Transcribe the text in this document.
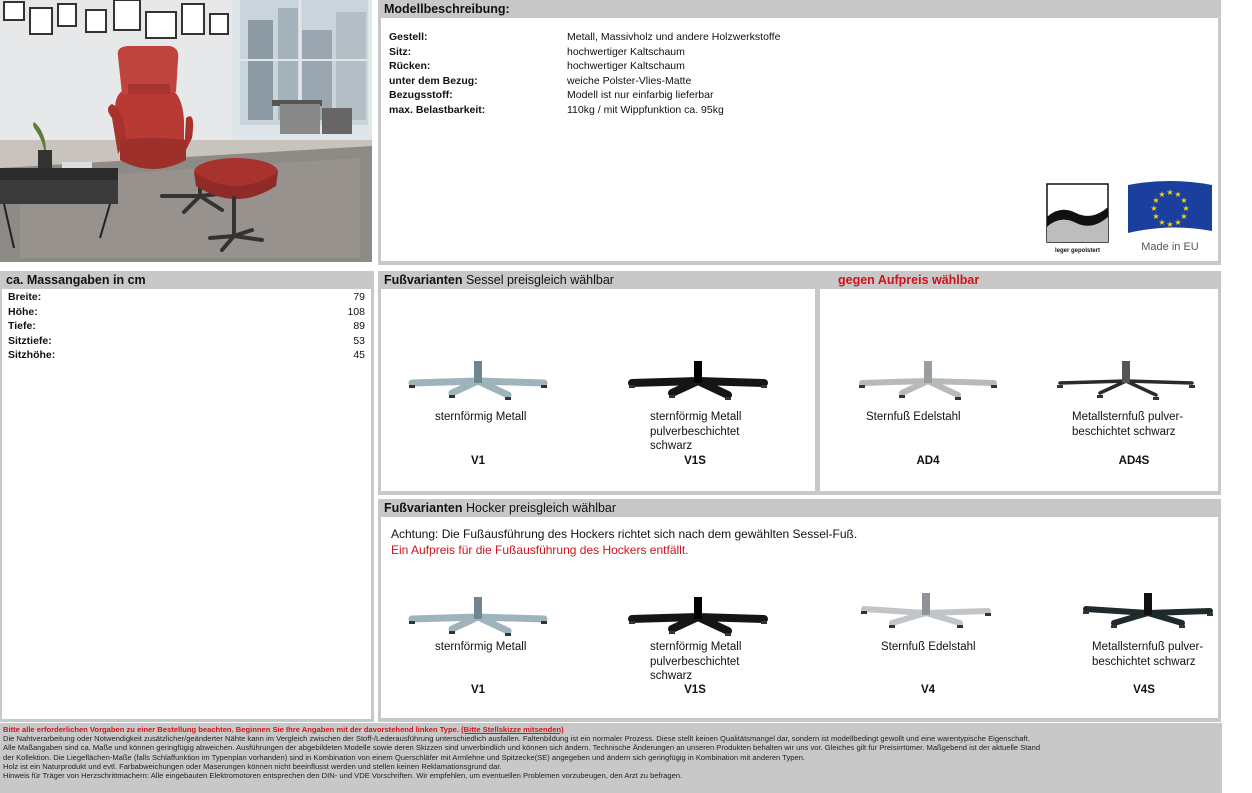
Modellbeschreibung:
Gestell:	Metall, Massivholz und andere Holzwerkstoffe
Sitz:	hochwertiger Kaltschaum
Rücken:	hochwertiger Kaltschaum
unter dem Bezug:	weiche Polster-Vlies-Matte
Bezugsstoff:	Modell ist nur einfarbig lieferbar
max. Belastbarkeit:	110kg / mit Wippfunktion ca. 95kg
leger gepolstert
★ ★
★
★
★
★
★
★
★
★
★
★
Made in EU
ca. Massangaben in cm
Breite:	79
Höhe:	108
Tiefe:	89
Sitztiefe:	53
Sitzhöhe:	45
Fußvarianten Sessel preisgleich wählbar	gegen Aufpreis wählbar
sternförmig Metall
V1
sternförmig Metall
pulverbeschichtet
schwarz
V1S
Sternfuß Edelstahl
AD4
Metallsternfuß pulver-
beschichtet schwarz
AD4S
Fußvarianten Hocker preisgleich wählbar
Achtung: Die Fußausführung des Hockers richtet sich nach dem gewählten Sessel-Fuß.
Ein Aufpreis für die Fußausführung des Hockers entfällt.
sternförmig Metall
V1
sternförmig Metall
pulverbeschichtet
schwarz
V1S
Sternfuß Edelstahl
V4
Metallsternfuß pulver-
beschichtet schwarz
V4S
Bitte alle erforderlichen Vorgaben zu einer Bestellung beachten. Beginnen Sie Ihre Angaben mit der davorstehend linken Type. (Bitte Stellskizze mitsenden)
Die Nahtverarbeitung oder Notwendigkeit zusätzlicher/geänderter Nähte kann im Vergleich zwischen der Stoff-/Lederausführung unterschiedlich ausfallen. Faltenbildung ist ein normaler Prozess. Diese stellt keinen Qualitätsmangel dar, sondern ist modellbedingt gewollt und eine warentypische Eigenschaft.
Alle Maßangaben sind ca. Maße und können geringfügig abweichen. Ausführungen der abgebildeten Modelle sowie deren Skizzen sind unverbindlich und können sich ändern. Technische Änderungen an unseren Produkten behalten wir uns vor. Gleiches gilt für Preisirrtümer. Maßgebend ist der aktuelle Stand
der Kollektion. Die Liegeflächen-Maße (falls Schlaffunktion im Typenplan vorhanden) sind in Kombination von einem Querschläfer mit Armlehne und Spitzecke(SE) angegeben und ändern sich geringfügig in Kombination mit anderen Typen.
Holz ist ein Naturprodukt und evtl. Farbabweichungen oder Maserungen können nicht beeinflusst werden und stellen keinen Reklamationsgrund dar.
Hinweis für Träger von Herzschrittmachern: Alle eingebauten Elektromotoren entsprechen den DIN- und VDE Vorschriften. Wir empfehlen, um eventuellen Problemen vorzubeugen, den Arzt zu befragen.
